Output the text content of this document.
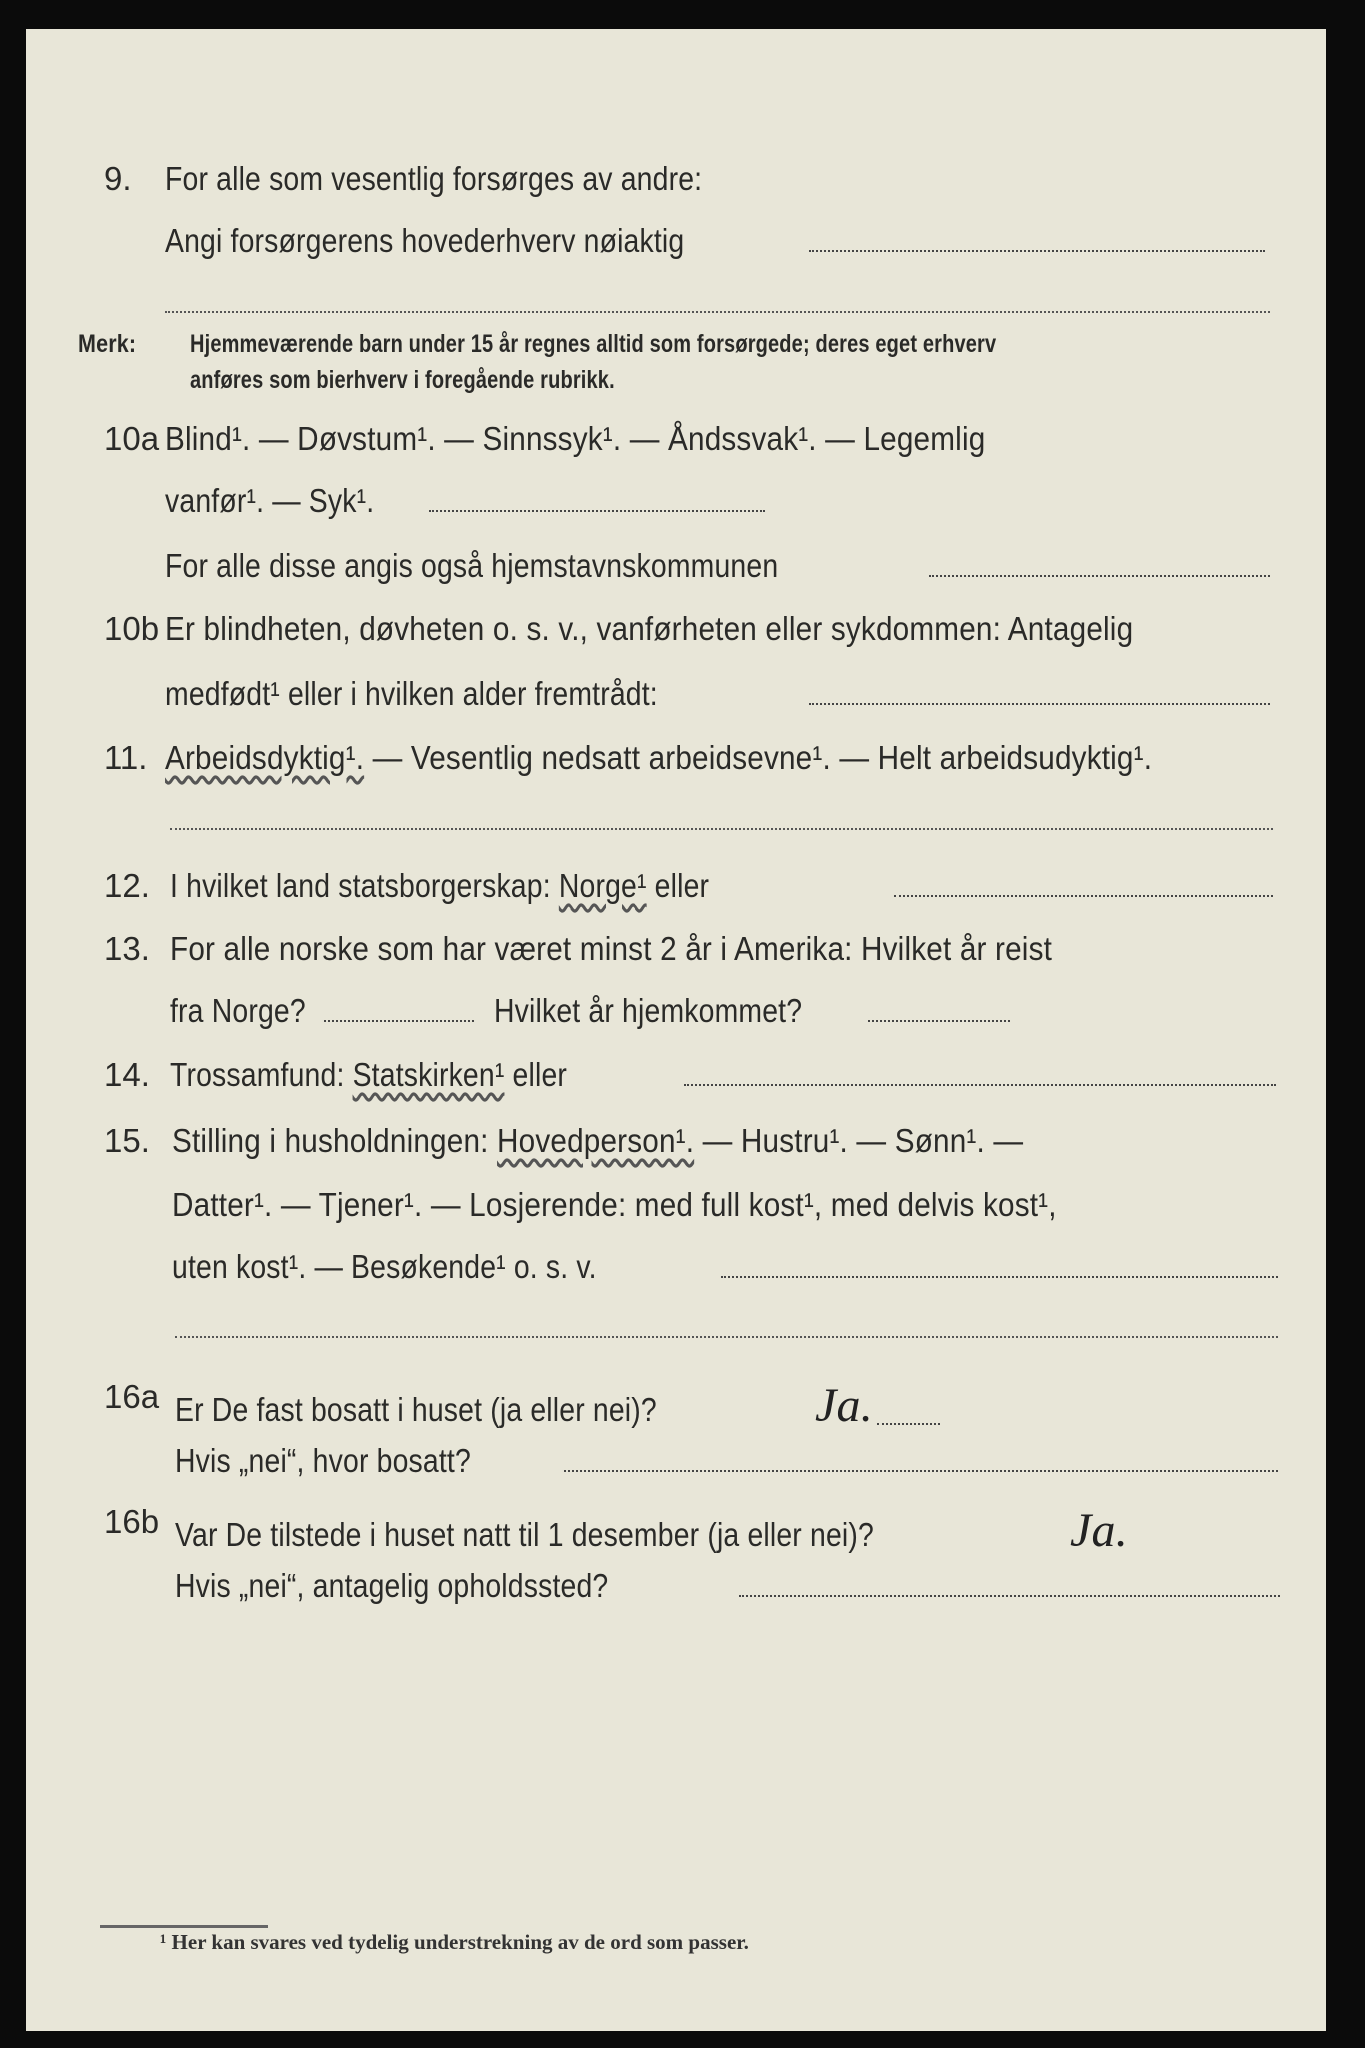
9. For alle som vesentlig forsørges av andre:
Angi forsørgerens hovederhverv nøiaktig
Merk: Hjemmeværende barn under 15 år regnes alltid som forsørgede; deres eget erhverv
anføres som bierhverv i foregående rubrikk.
10a Blind¹. — Døvstum¹. — Sinnssyk¹. — Åndssvak¹. — Legemlig
vanfør¹. — Syk¹.
For alle disse angis også hjemstavnskommunen
10b Er blindheten, døvheten o. s. v., vanførheten eller sykdommen: Antagelig
medfødt¹ eller i hvilken alder fremtrådt:
11. Arbeidsdyktig¹. — Vesentlig nedsatt arbeidsevne¹. — Helt arbeidsudyktig¹.
12. I hvilket land statsborgerskap: Norge¹ eller
13. For alle norske som har været minst 2 år i Amerika: Hvilket år reist
fra Norge?	Hvilket år hjemkommet?
14. Trossamfund: Statskirken¹ eller
15. Stilling i husholdningen: Hovedperson¹. — Hustru¹. — Sønn¹. —
Datter¹. — Tjener¹. — Losjerende: med full kost¹, med delvis kost¹,
uten kost¹. — Besøkende¹ o. s. v.
16a Er De fast bosatt i huset (ja eller nei)?	Ja.
Hvis „nei“, hvor bosatt?
16b Var De tilstede i huset natt til 1 desember (ja eller nei)?	Ja.
Hvis „nei“, antagelig opholdssted?
¹ Her kan svares ved tydelig understrekning av de ord som passer.
